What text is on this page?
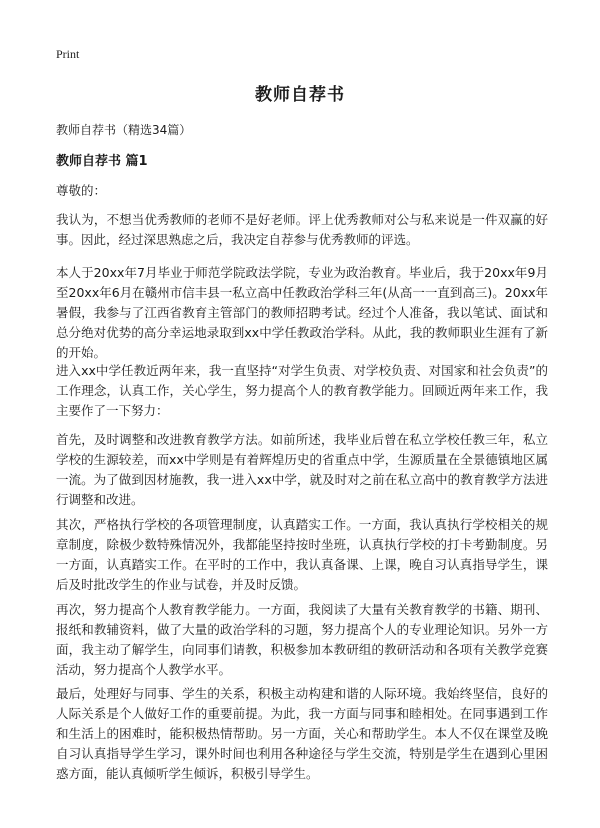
Print
教师自荐书

教师自荐书（精选34篇）

教师自荐书 篇1

尊敬的：

我认为，不想当优秀教师的老师不是好老师。评上优秀教师对公与私来说是一件双赢的好事。因此，经过深思熟虑之后，我决定自荐参与优秀教师的评选。

本人于20xx年7月毕业于师范学院政法学院，专业为政治教育。毕业后，我于20xx年9月至20xx年6月在赣州市信丰县一私立高中任教政治学科三年(从高一一直到高三)。20xx年暑假，我参与了江西省教育主管部门的教师招聘考试。经过个人准备，我以笔试、面试和总分绝对优势的高分幸运地录取到xx中学任教政治学科。从此，我的教师职业生涯有了新的开始。

进入xx中学任教近两年来，我一直坚持“对学生负责、对学校负责、对国家和社会负责”的工作理念，认真工作，关心学生，努力提高个人的教育教学能力。回顾近两年来工作，我主要作了一下努力：

首先，及时调整和改进教育教学方法。如前所述，我毕业后曾在私立学校任教三年，私立学校的生源较差，而xx中学则是有着辉煌历史的省重点中学，生源质量在全景德镇地区属一流。为了做到因材施教，我一进入xx中学，就及时对之前在私立高中的教育教学方法进行调整和改进。

其次，严格执行学校的各项管理制度，认真踏实工作。一方面，我认真执行学校相关的规章制度，除极少数特殊情况外，我都能坚持按时坐班，认真执行学校的打卡考勤制度。另一方面，认真踏实工作。在平时的工作中，我认真备课、上课，晚自习认真指导学生，课后及时批改学生的作业与试卷，并及时反馈。

再次，努力提高个人教育教学能力。一方面，我阅读了大量有关教育教学的书籍、期刊、报纸和教辅资料，做了大量的政治学科的习题，努力提高个人的专业理论知识。另外一方面，我主动了解学生，向同事们请教，积极参加本教研组的教研活动和各项有关教学竞赛活动，努力提高个人教学水平。

最后，处理好与同事、学生的关系，积极主动构建和谐的人际环境。我始终坚信，良好的人际关系是个人做好工作的重要前提。为此，我一方面与同事和睦相处。在同事遇到工作和生活上的困难时，能积极热情帮助。另一方面，关心和帮助学生。本人不仅在课堂及晚自习认真指导学生学习，课外时间也利用各种途径与学生交流，特别是学生在遇到心里困惑方面，能认真倾听学生倾诉，积极引导学生。
